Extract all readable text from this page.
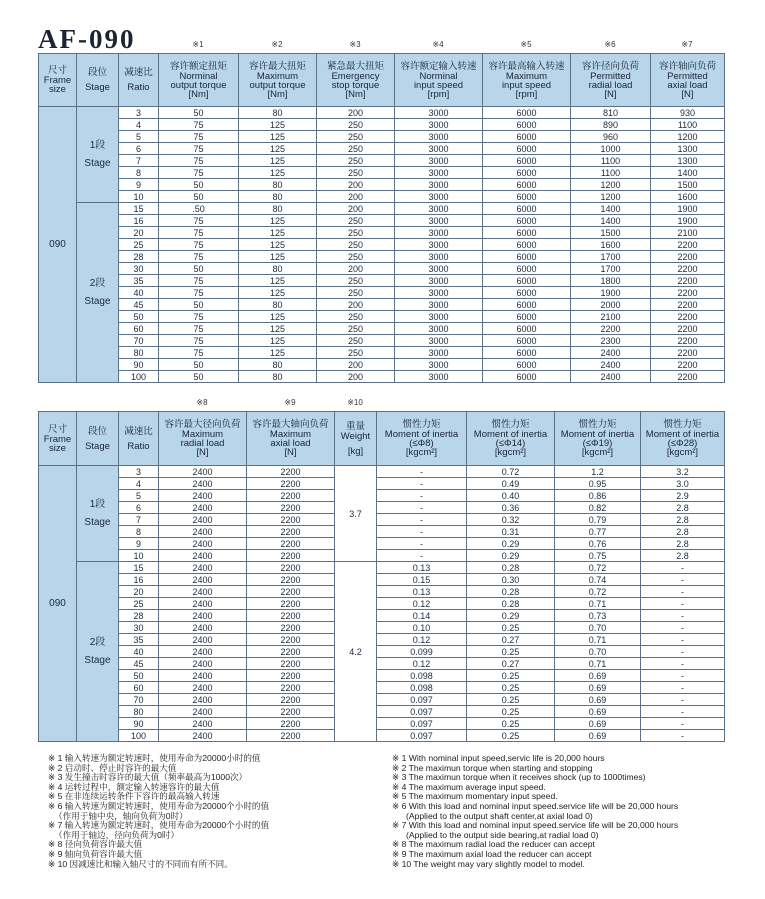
AF-090	※1	※2	※3	※4	※5	※6	※7
尺寸
Frame
size	段位
Stage	减速比
Ratio	容许额定扭矩
Norminal
output torque
[Nm]	容许最大扭矩
Maximum
output torque
[Nm]	紧急最大扭矩
Emergency
stop torque
[Nm]	容许额定输入转速
Norminal
input speed
[rpm]	容许最高输入转速
Maximum
input speed
[rpm]	容许径向负荷
Permitted
radial load
[N]	容许轴向负荷
Permitted
axial load
[N]

090	1段
Stage	3	50	80	200	3000	6000	810	930
		4	75	125	250	3000	6000	890	1100
		5	75	125	250	3000	6000	960	1200
		6	75	125	250	3000	6000	1000	1300
		7	75	125	250	3000	6000	1100	1300
		8	75	125	250	3000	6000	1100	1400
		9	50	80	200	3000	6000	1200	1500
		10	50	80	200	3000	6000	1200	1600

	2段
Stage	15	.50	80	200	3000	6000	1400	1900
		16	75	125	250	3000	6000	1400	1900
		20	75	125	250	3000	6000	1500	2100
		25	75	125	250	3000	6000	1600	2200
		28	75	125	250	3000	6000	1700	2200
		30	50	80	200	3000	6000	1700	2200
		35	75	125	250	3000	6000	1800	2200
		40	75	125	250	3000	6000	1900	2200
		45	50	80	200	3000	6000	2000	2200
		50	75	125	250	3000	6000	2100	2200
		60	75	125	250	3000	6000	2200	2200
		70	75	125	250	3000	6000	2300	2200
		80	75	125	250	3000	6000	2400	2200
		90	50	80	200	3000	6000	2400	2200
		100	50	80	200	3000	6000	2400	2200
※8	※9	※10
尺寸
Frame
size	段位
Stage	减速比
Ratio	容许最大径向负荷
Maximum
radial load
[N]	容许最大轴向负荷
Maximum
axial load
[N]	重量
Weight
[kg]	惯性力矩
Moment of inertia
(≤Φ8)
[kgcm²]	惯性力矩
Moment of inertia
(≤Φ14)
[kgcm²]	惯性力矩
Moment of inertia
(≤Φ19)
[kgcm²]	惯性力矩
Moment of inertia
(≤Φ28)
[kgcm²]

090	1段
Stage	3	2400	2200	3.7	-	0.72	1.2	3.2
		4	2400	2200		-	0.49	0.95	3.0
		5	2400	2200		-	0.40	0.86	2.9
		6	2400	2200		-	0.36	0.82	2.8
		7	2400	2200		-	0.32	0.79	2.8
		8	2400	2200		-	0.31	0.77	2.8
		9	2400	2200		-	0.29	0.76	2.8
		10	2400	2200		-	0.29	0.75	2.8

	2段
Stage	15	2400	2200	4.2	0.13	0.28	0.72	-
		16	2400	2200		0.15	0.30	0.74	-
		20	2400	2200		0.13	0.28	0.72	-
		25	2400	2200		0.12	0.28	0.71	-
		28	2400	2200		0.14	0.29	0.73	-
		30	2400	2200		0.10	0.25	0.70	-
		35	2400	2200		0.12	0.27	0.71	-
		40	2400	2200		0.099	0.25	0.70	-
		45	2400	2200		0.12	0.27	0.71	-
		50	2400	2200		0.098	0.25	0.69	-
		60	2400	2200		0.098	0.25	0.69	-
		70	2400	2200		0.097	0.25	0.69	-
		80	2400	2200		0.097	0.25	0.69	-
		90	2400	2200		0.097	0.25	0.69	-
		100	2400	2200		0.097	0.25	0.69	-
※ 1 输入转速为额定转速时，使用寿命为20000小时的值
※ 2 启动时、停止时容许的最大值
※ 3 发生撞击时容许的最大值（频率最高为1000次）
※ 4 运转过程中，额定输入转速容许的最大值
※ 5 在非连续运转条件下容许的最高输入转速
※ 6 输入转速为额定转速时，使用寿命为20000个小时的值
（作用于轴中央，轴向负荷为0时）
※ 7 输入转速为额定转速时，使用寿命为20000个小时的值
（作用于轴边，径向负荷为0时）
※ 8 径向负荷容许最大值
※ 9 轴向负荷容许最大值
※ 10 因减速比和输入轴尺寸的不同而有所不同。
※ 1 With nominal input speed,servic life is 20,000 hours
※ 2 The maximun torque when starting and stopping
※ 3 The maximun torque when it receives shock (up to 1000times)
※ 4 The maximum average input speed.
※ 5 The maximum momentary input speed.
※ 6 With this load and nominal input speed.service life will be 20,000 hours
(Applied to the output shaft center,at axial load 0)
※ 7 With this load and nominal input speed.service life will be 20,000 hours
(Applied to the output side bearing,at radial load 0)
※ 8 The maximum radial load the reducer can accept
※ 9 The maximum axial load the reducer can accept
※ 10 The weight may vary slightly model to model.
